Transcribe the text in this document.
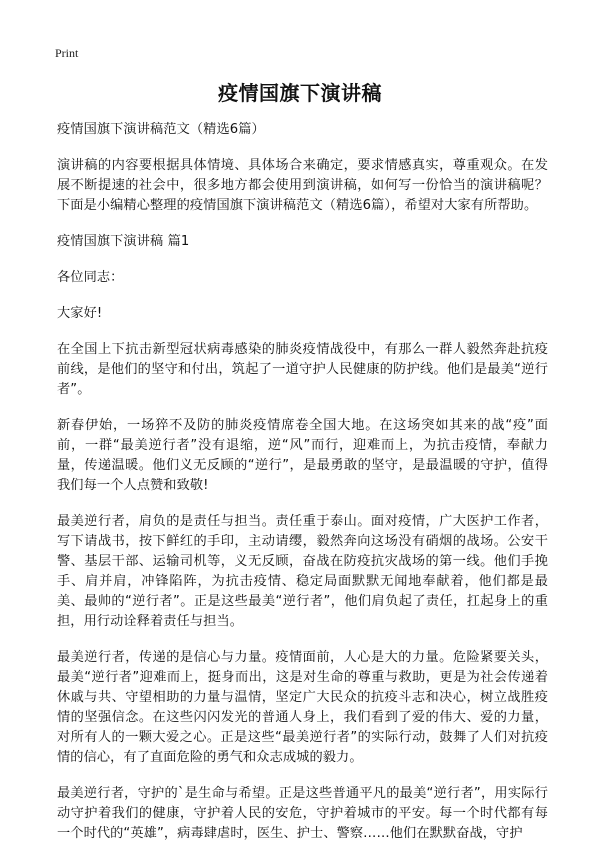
Print
疫情国旗下演讲稿

疫情国旗下演讲稿范文（精选6篇）

演讲稿的内容要根据具体情境、具体场合来确定，要求情感真实，尊重观众。在发展不断提速的社会中，很多地方都会使用到演讲稿，如何写一份恰当的演讲稿呢？下面是小编精心整理的疫情国旗下演讲稿范文（精选6篇），希望对大家有所帮助。

疫情国旗下演讲稿 篇1

各位同志：

大家好!

在全国上下抗击新型冠状病毒感染的肺炎疫情战役中，有那么一群人毅然奔赴抗疫前线，是他们的坚守和付出，筑起了一道守护人民健康的防护线。他们是最美“逆行者”。

新春伊始，一场猝不及防的肺炎疫情席卷全国大地。在这场突如其来的战“疫”面前，一群“最美逆行者”没有退缩，逆“风”而行，迎难而上，为抗击疫情，奉献力量，传递温暖。他们义无反顾的“逆行”，是最勇敢的坚守，是最温暖的守护，值得我们每一个人点赞和致敬!

最美逆行者，肩负的是责任与担当。责任重于泰山。面对疫情，广大医护工作者，写下请战书，按下鲜红的手印，主动请缨，毅然奔向这场没有硝烟的战场。公安干警、基层干部、运输司机等，义无反顾，奋战在防疫抗灾战场的第一线。他们手挽手、肩并肩，冲锋陷阵，为抗击疫情、稳定局面默默无闻地奉献着，他们都是最美、最帅的“逆行者”。正是这些最美“逆行者”，他们肩负起了责任，扛起身上的重担，用行动诠释着责任与担当。

最美逆行者，传递的是信心与力量。疫情面前，人心是大的力量。危险紧要关头，最美“逆行者”迎难而上，挺身而出，这是对生命的尊重与救助，更是为社会传递着休戚与共、守望相助的力量与温情，坚定广大民众的抗疫斗志和决心，树立战胜疫情的坚强信念。在这些闪闪发光的普通人身上，我们看到了爱的伟大、爱的力量，对所有人的一颗大爱之心。正是这些“最美逆行者”的实际行动，鼓舞了人们对抗疫情的信心，有了直面危险的勇气和众志成城的毅力。

最美逆行者，守护的`是生命与希望。正是这些普通平凡的最美“逆行者”，用实际行动守护着我们的健康，守护着人民的安危，守护着城市的平安。每一个时代都有每一个时代的“英雄”，病毒肆虐时，医生、护士、警察……他们在默默奋战，守护
